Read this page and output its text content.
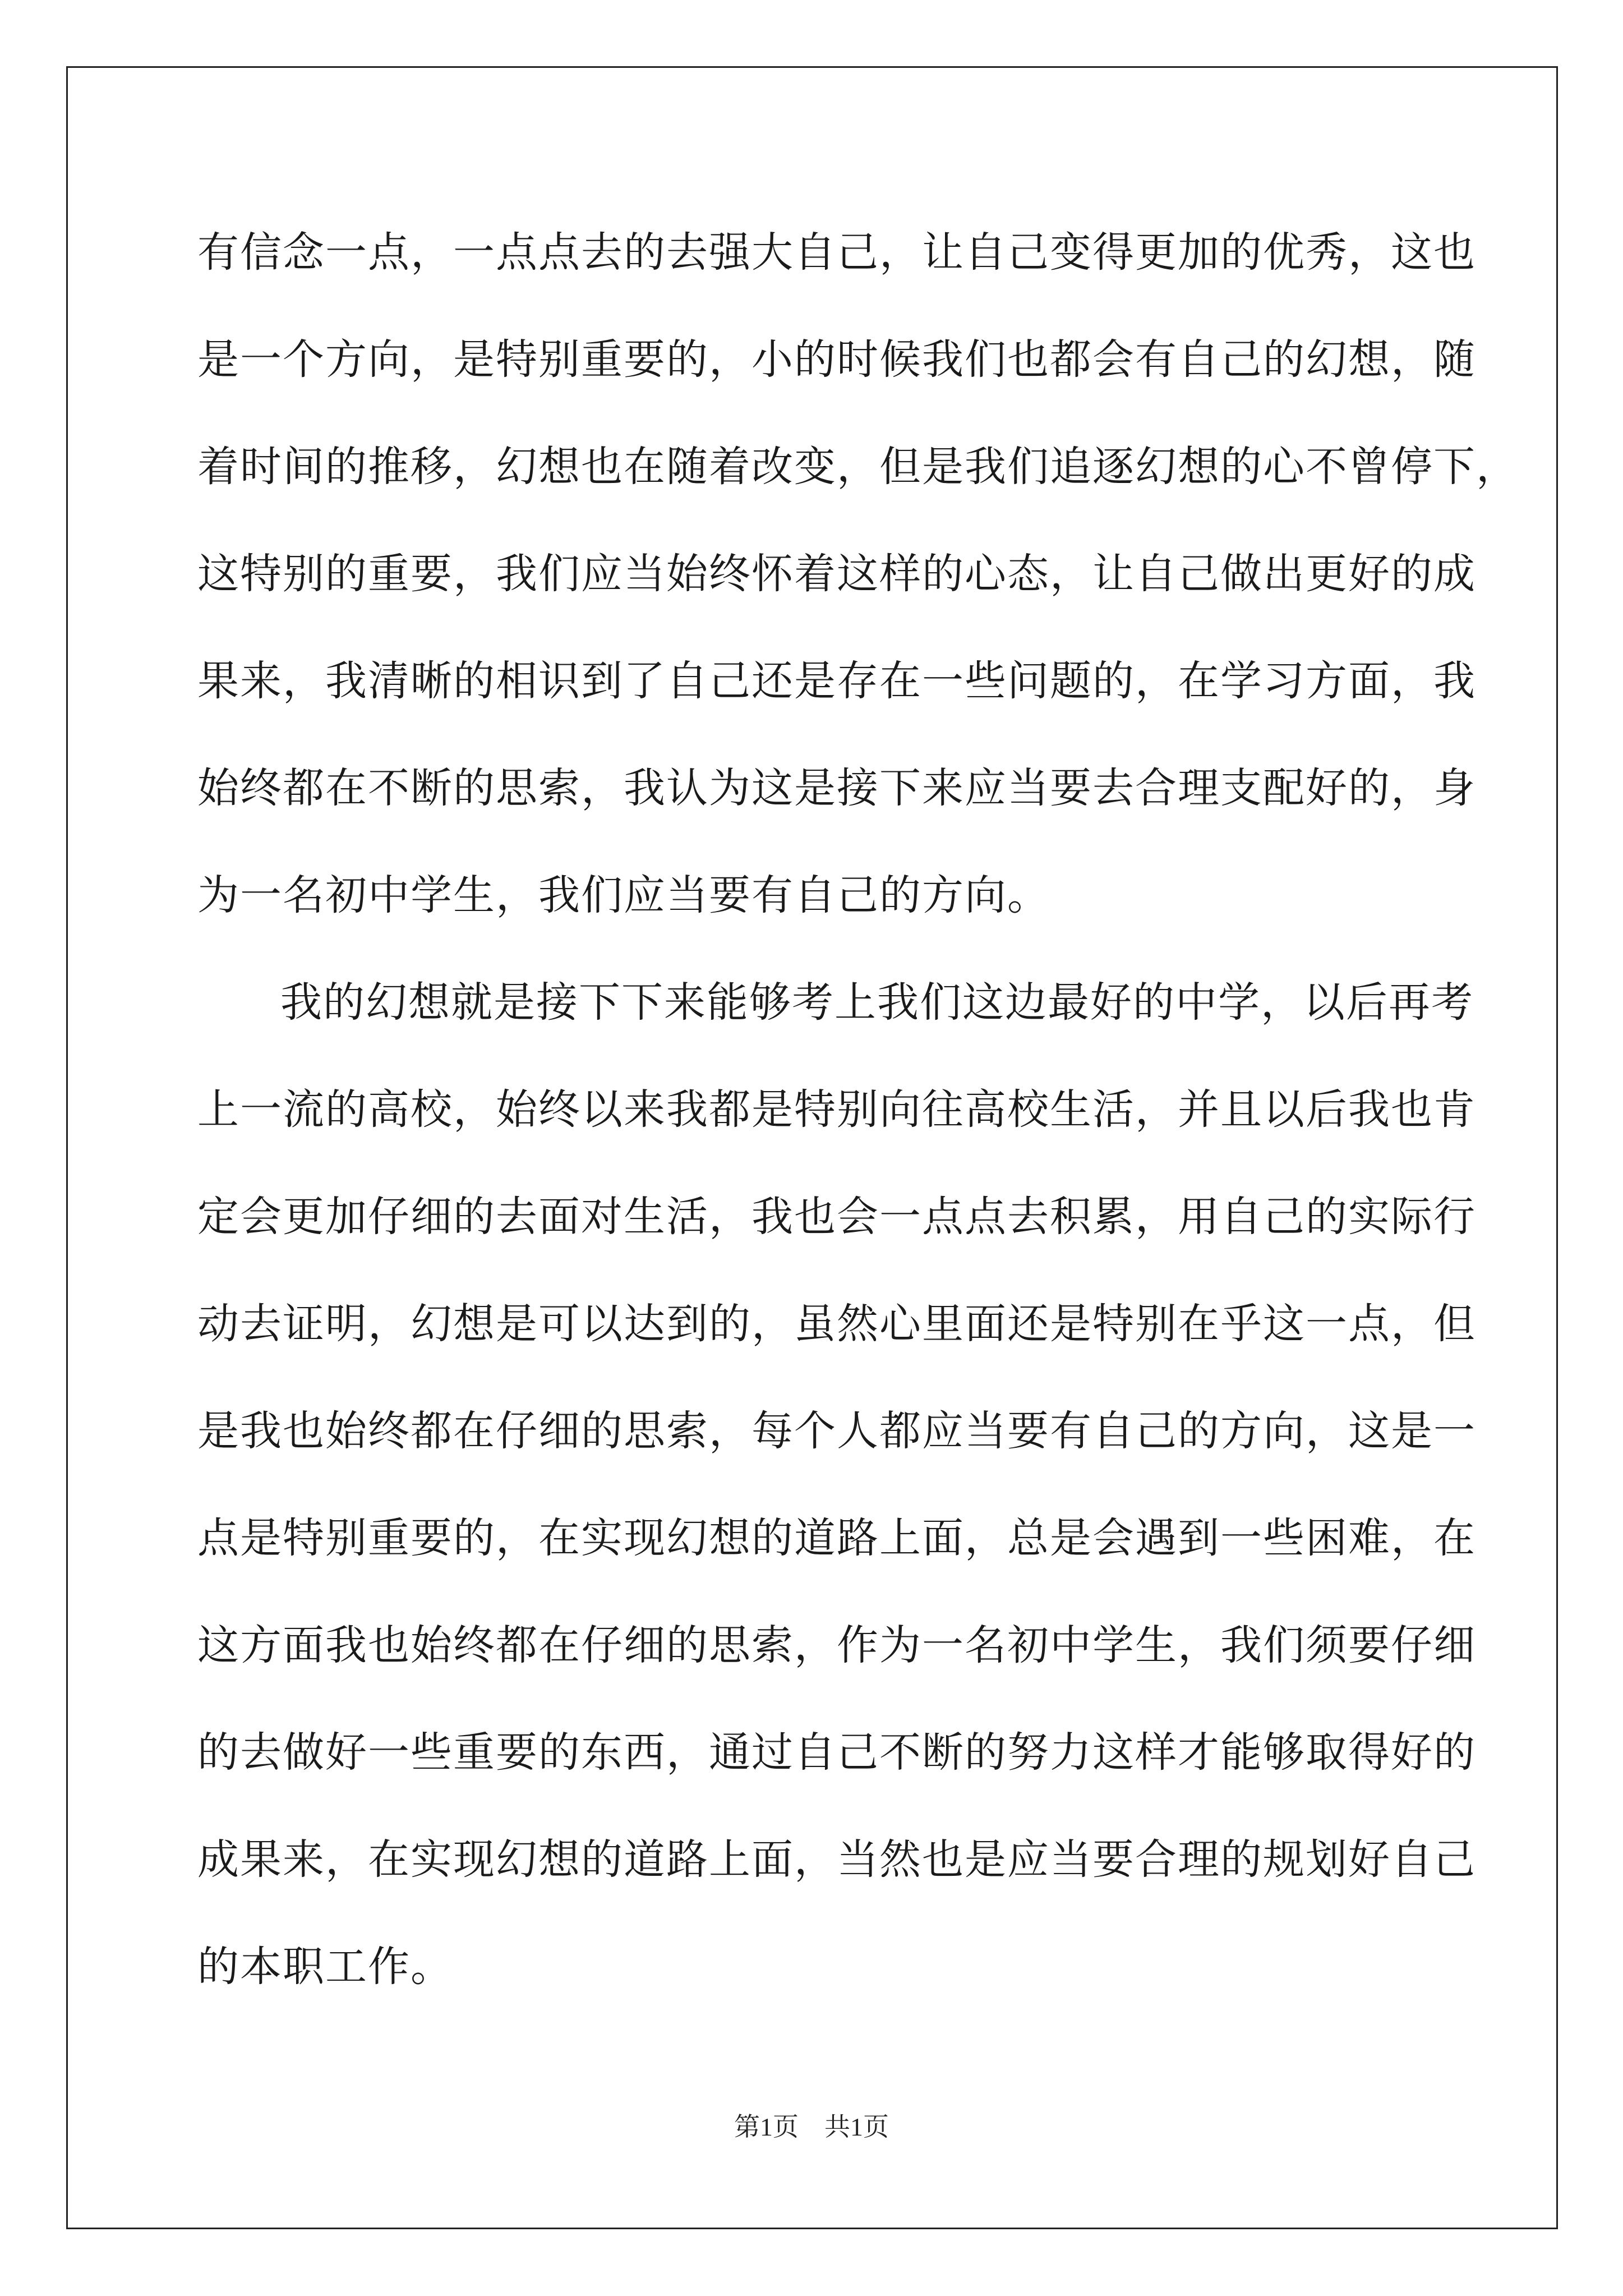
有信念一点，一点点去的去强大自己，让自己变得更加的优秀，这也
是一个方向，是特别重要的，小的时候我们也都会有自己的幻想，随
着时间的推移，幻想也在随着改变，但是我们追逐幻想的心不曾停下，
这特别的重要，我们应当始终怀着这样的心态，让自己做出更好的成
果来，我清晰的相识到了自己还是存在一些问题的，在学习方面，我
始终都在不断的思索，我认为这是接下来应当要去合理支配好的，身
为一名初中学生，我们应当要有自己的方向。
我的幻想就是接下下来能够考上我们这边最好的中学，以后再考
上一流的高校，始终以来我都是特别向往高校生活，并且以后我也肯
定会更加仔细的去面对生活，我也会一点点去积累，用自己的实际行
动去证明，幻想是可以达到的，虽然心里面还是特别在乎这一点，但
是我也始终都在仔细的思索，每个人都应当要有自己的方向，这是一
点是特别重要的，在实现幻想的道路上面，总是会遇到一些困难，在
这方面我也始终都在仔细的思索，作为一名初中学生，我们须要仔细
的去做好一些重要的东西，通过自己不断的努力这样才能够取得好的
成果来，在实现幻想的道路上面，当然也是应当要合理的规划好自己
的本职工作。
第1页 共1页
